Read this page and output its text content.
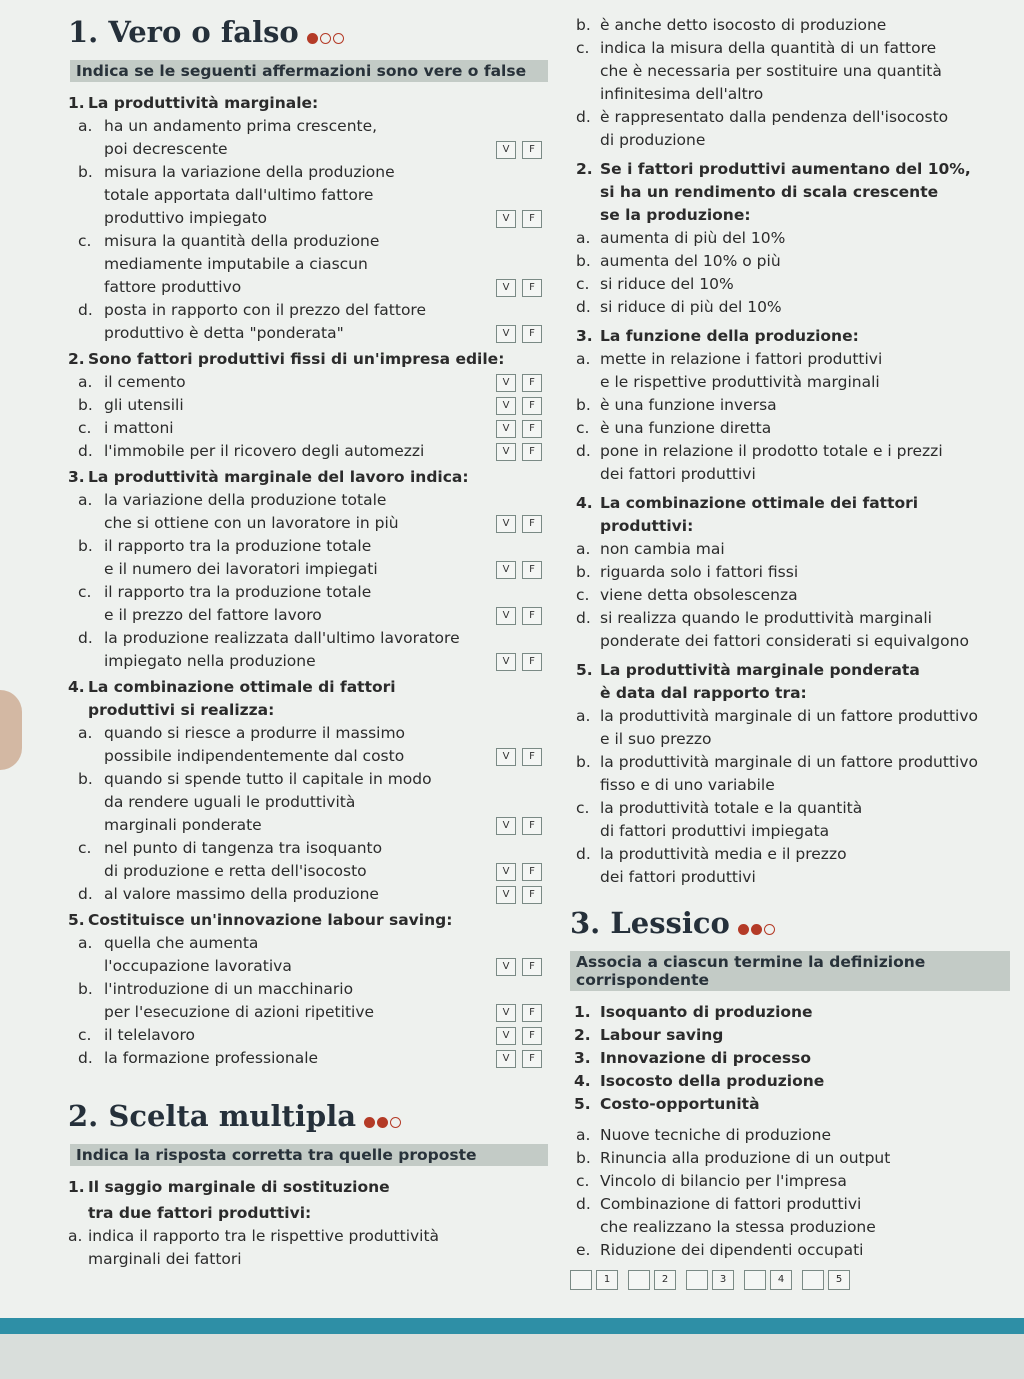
1. Vero o falso
Indica se le seguenti affermazioni sono vere o false
1. La produttività marginale:
a. ha un andamento prima crescente,
poi decrescente	V	F
b. misura la variazione della produzione
totale apportata dall'ultimo fattore
produttivo impiegato	V	F
c. misura la quantità della produzione
mediamente imputabile a ciascun
fattore produttivo	V	F
d. posta in rapporto con il prezzo del fattore
produttivo è detta "ponderata"	V	F
2. Sono fattori produttivi fissi di un'impresa edile:
a. il cemento	V	F
b. gli utensili	V	F
c. i mattoni	V	F
d. l'immobile per il ricovero degli automezzi	V	F
3. La produttività marginale del lavoro indica:
a. la variazione della produzione totale
che si ottiene con un lavoratore in più	V	F
b. il rapporto tra la produzione totale
e il numero dei lavoratori impiegati	V	F
c. il rapporto tra la produzione totale
e il prezzo del fattore lavoro	V	F
d. la produzione realizzata dall'ultimo lavoratore
impiegato nella produzione	V	F
4. La combinazione ottimale di fattori
produttivi si realizza:
a. quando si riesce a produrre il massimo
possibile indipendentemente dal costo	V	F
b. quando si spende tutto il capitale in modo
da rendere uguali le produttività
marginali ponderate	V	F
c. nel punto di tangenza tra isoquanto
di produzione e retta dell'isocosto	V	F
d. al valore massimo della produzione	V	F
5. Costituisce un'innovazione labour saving:
a. quella che aumenta
l'occupazione lavorativa	V	F
b. l'introduzione di un macchinario
per l'esecuzione di azioni ripetitive	V	F
c. il telelavoro	V	F
d. la formazione professionale	V	F
2. Scelta multipla
Indica la risposta corretta tra quelle proposte
1. Il saggio marginale di sostituzione
tra due fattori produttivi:
a. indica il rapporto tra le rispettive produttività
marginali dei fattori
b. è anche detto isocosto di produzione
c. indica la misura della quantità di un fattore
che è necessaria per sostituire una quantità
infinitesima dell'altro
d. è rappresentato dalla pendenza dell'isocosto
di produzione
2. Se i fattori produttivi aumentano del 10%,
si ha un rendimento di scala crescente
se la produzione:
a. aumenta di più del 10%
b. aumenta del 10% o più
c. si riduce del 10%
d. si riduce di più del 10%
3. La funzione della produzione:
a. mette in relazione i fattori produttivi
e le rispettive produttività marginali
b. è una funzione inversa
c. è una funzione diretta
d. pone in relazione il prodotto totale e i prezzi
dei fattori produttivi
4. La combinazione ottimale dei fattori produttivi:
a. non cambia mai
b. riguarda solo i fattori fissi
c. viene detta obsolescenza
d. si realizza quando le produttività marginali
ponderate dei fattori considerati si equivalgono
5. La produttività marginale ponderata
è data dal rapporto tra:
a. la produttività marginale di un fattore produttivo
e il suo prezzo
b. la produttività marginale di un fattore produttivo
fisso e di uno variabile
c. la produttività totale e la quantità
di fattori produttivi impiegata
d. la produttività media e il prezzo
dei fattori produttivi
3. Lessico
Associa a ciascun termine la definizione corrispondente
1. Isoquanto di produzione
2. Labour saving
3. Innovazione di processo
4. Isocosto della produzione
5. Costo-opportunità
a. Nuove tecniche di produzione
b. Rinuncia alla produzione di un output
c. Vincolo di bilancio per l'impresa
d. Combinazione di fattori produttivi
che realizzano la stessa produzione
e. Riduzione dei dipendenti occupati
1	2	3	4	5
